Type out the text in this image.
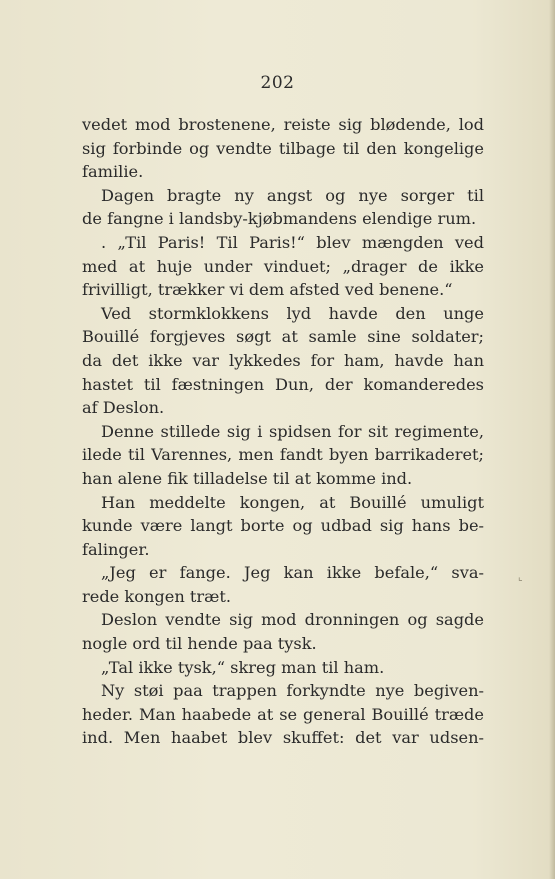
202
vedet mod brostenene, reiste sig blødende, lod
sig forbinde og vendte tilbage til den kongelige
familie.
Dagen bragte ny angst og nye sorger til
de fangne i landsby-kjøbmandens elendige rum.
. „Til Paris! Til Paris!“ blev mængden ved
med at huje under vinduet; „drager de ikke
frivilligt, trækker vi dem afsted ved benene.“
Ved stormklokkens lyd havde den unge
Bouillé forgjeves søgt at samle sine soldater;
da det ikke var lykkedes for ham, havde han
hastet til fæstningen Dun, der komanderedes
af Deslon.
Denne stillede sig i spidsen for sit regimente,
ilede til Varennes, men fandt byen barrikaderet;
han alene fik tilladelse til at komme ind.
Han meddelte kongen, at Bouillé umuligt
kunde være langt borte og udbad sig hans be-
falinger.
„Jeg er fange. Jeg kan ikke befale,“ sva-
rede kongen træt.
Deslon vendte sig mod dronningen og sagde
nogle ord til hende paa tysk.
„Tal ikke tysk,“ skreg man til ham.
Ny støi paa trappen forkyndte nye begiven-
heder. Man haabede at se general Bouillé træde
ind. Men haabet blev skuffet: det var udsen-
⌞
